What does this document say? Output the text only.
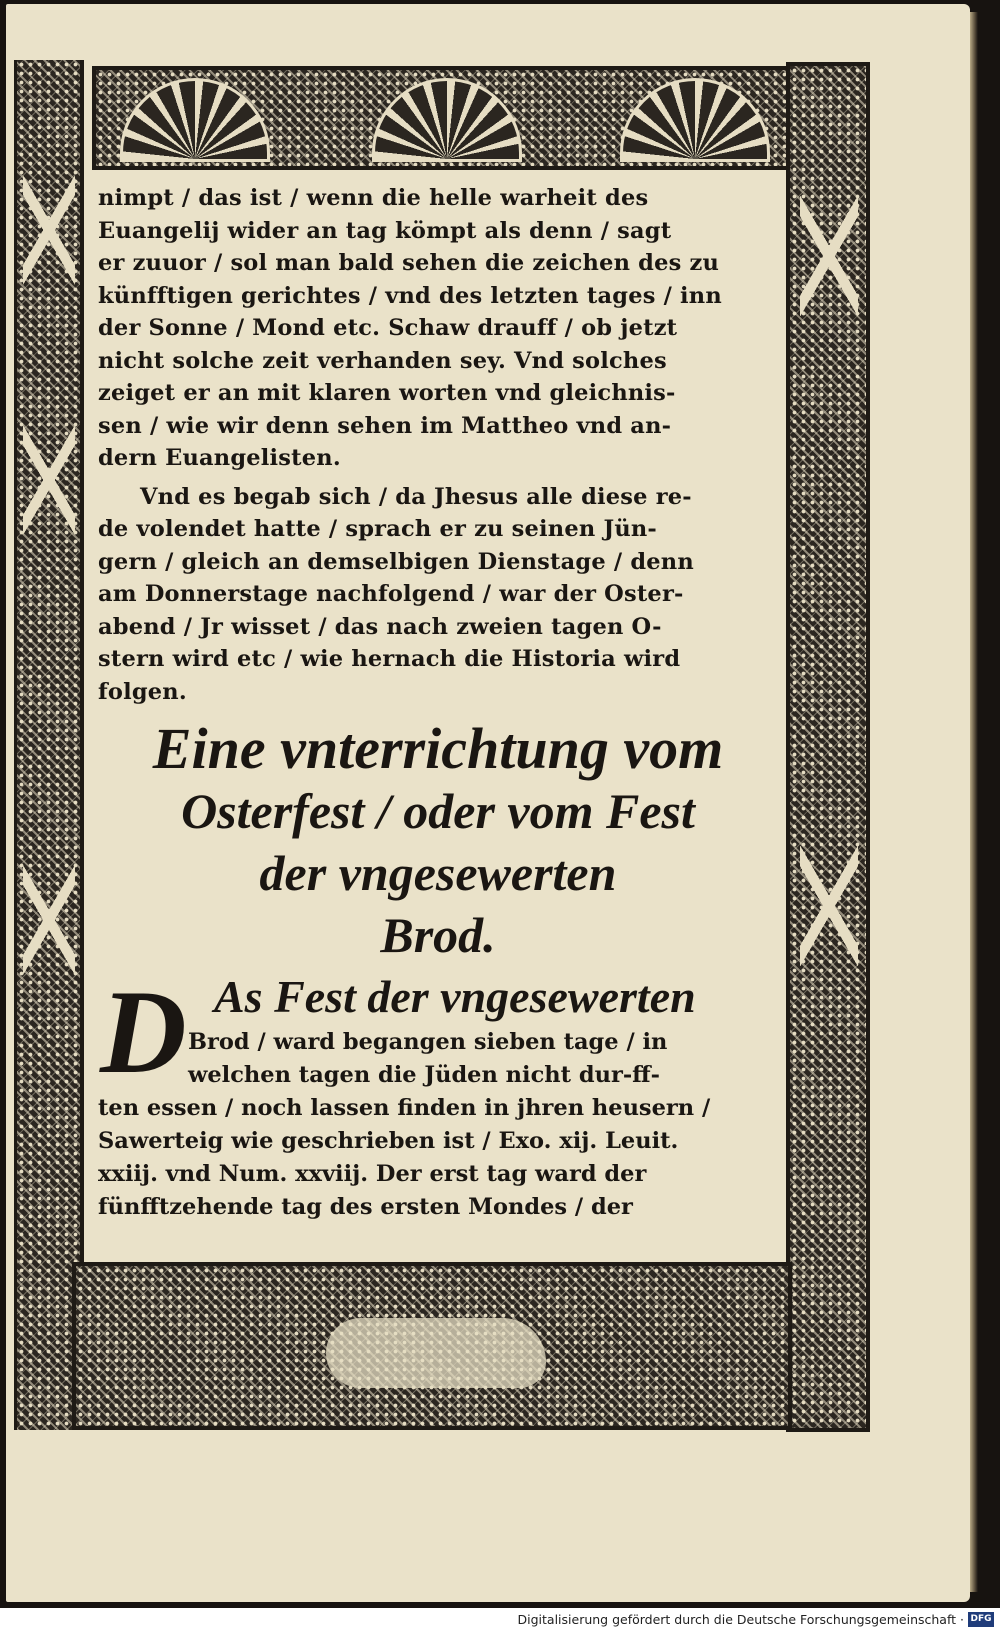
nimpt / das ist / wenn die helle warheit des
Euangelij wider an tag kömpt als denn / sagt
er zuuor / sol man bald sehen die zeichen des zu
künfftigen gerichtes / vnd des letzten tages / inn
der Sonne / Mond etc. Schaw drauff / ob jetzt
nicht solche zeit verhanden sey. Vnd solches
zeiget er an mit klaren worten vnd gleichnis-
sen / wie wir denn sehen im Mattheo vnd an-
dern Euangelisten.

Vnd es begab sich / da Jhesus alle diese re-
de volendet hatte / sprach er zu seinen Jün-
gern / gleich an demselbigen Dienstage / denn
am Donnerstage nachfolgend / war der Oster-
abend / Jr wisset / das nach zweien tagen O-
stern wird etc / wie hernach die Historia wird
folgen.

Eine vnterrichtung vom
Osterfest / oder vom Fest
der vngesewerten
Brod.
D As Fest der vngesewerten
Brod / ward begangen sieben tage / in
welchen tagen die Jüden nicht dur-ff-
ten essen / noch lassen finden in jhren heusern /
Sawerteig wie geschrieben ist / Exo. xij. Leuit.
xxiij. vnd Num. xxviij. Der erst tag ward der
fünfftzehende tag des ersten Mondes / der
Digitalisierung gefördert durch die Deutsche Forschungsgemeinschaft · DFG
